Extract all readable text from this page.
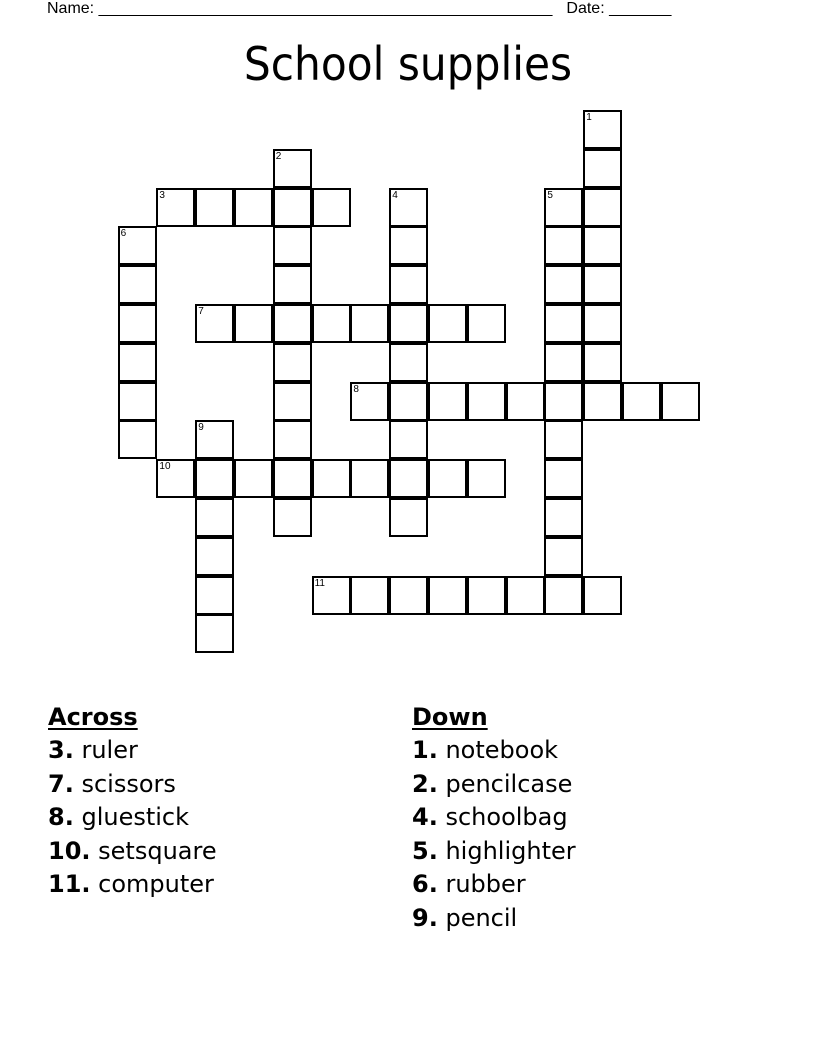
Name: ___________________________________________________ Date: _______
School supplies
1
2
3	4	5
6
7
8
9
10
11
Across
3. ruler
7. scissors
8. gluestick
10. setsquare
11. computer
Down
1. notebook
2. pencilcase
4. schoolbag
5. highlighter
6. rubber
9. pencil
